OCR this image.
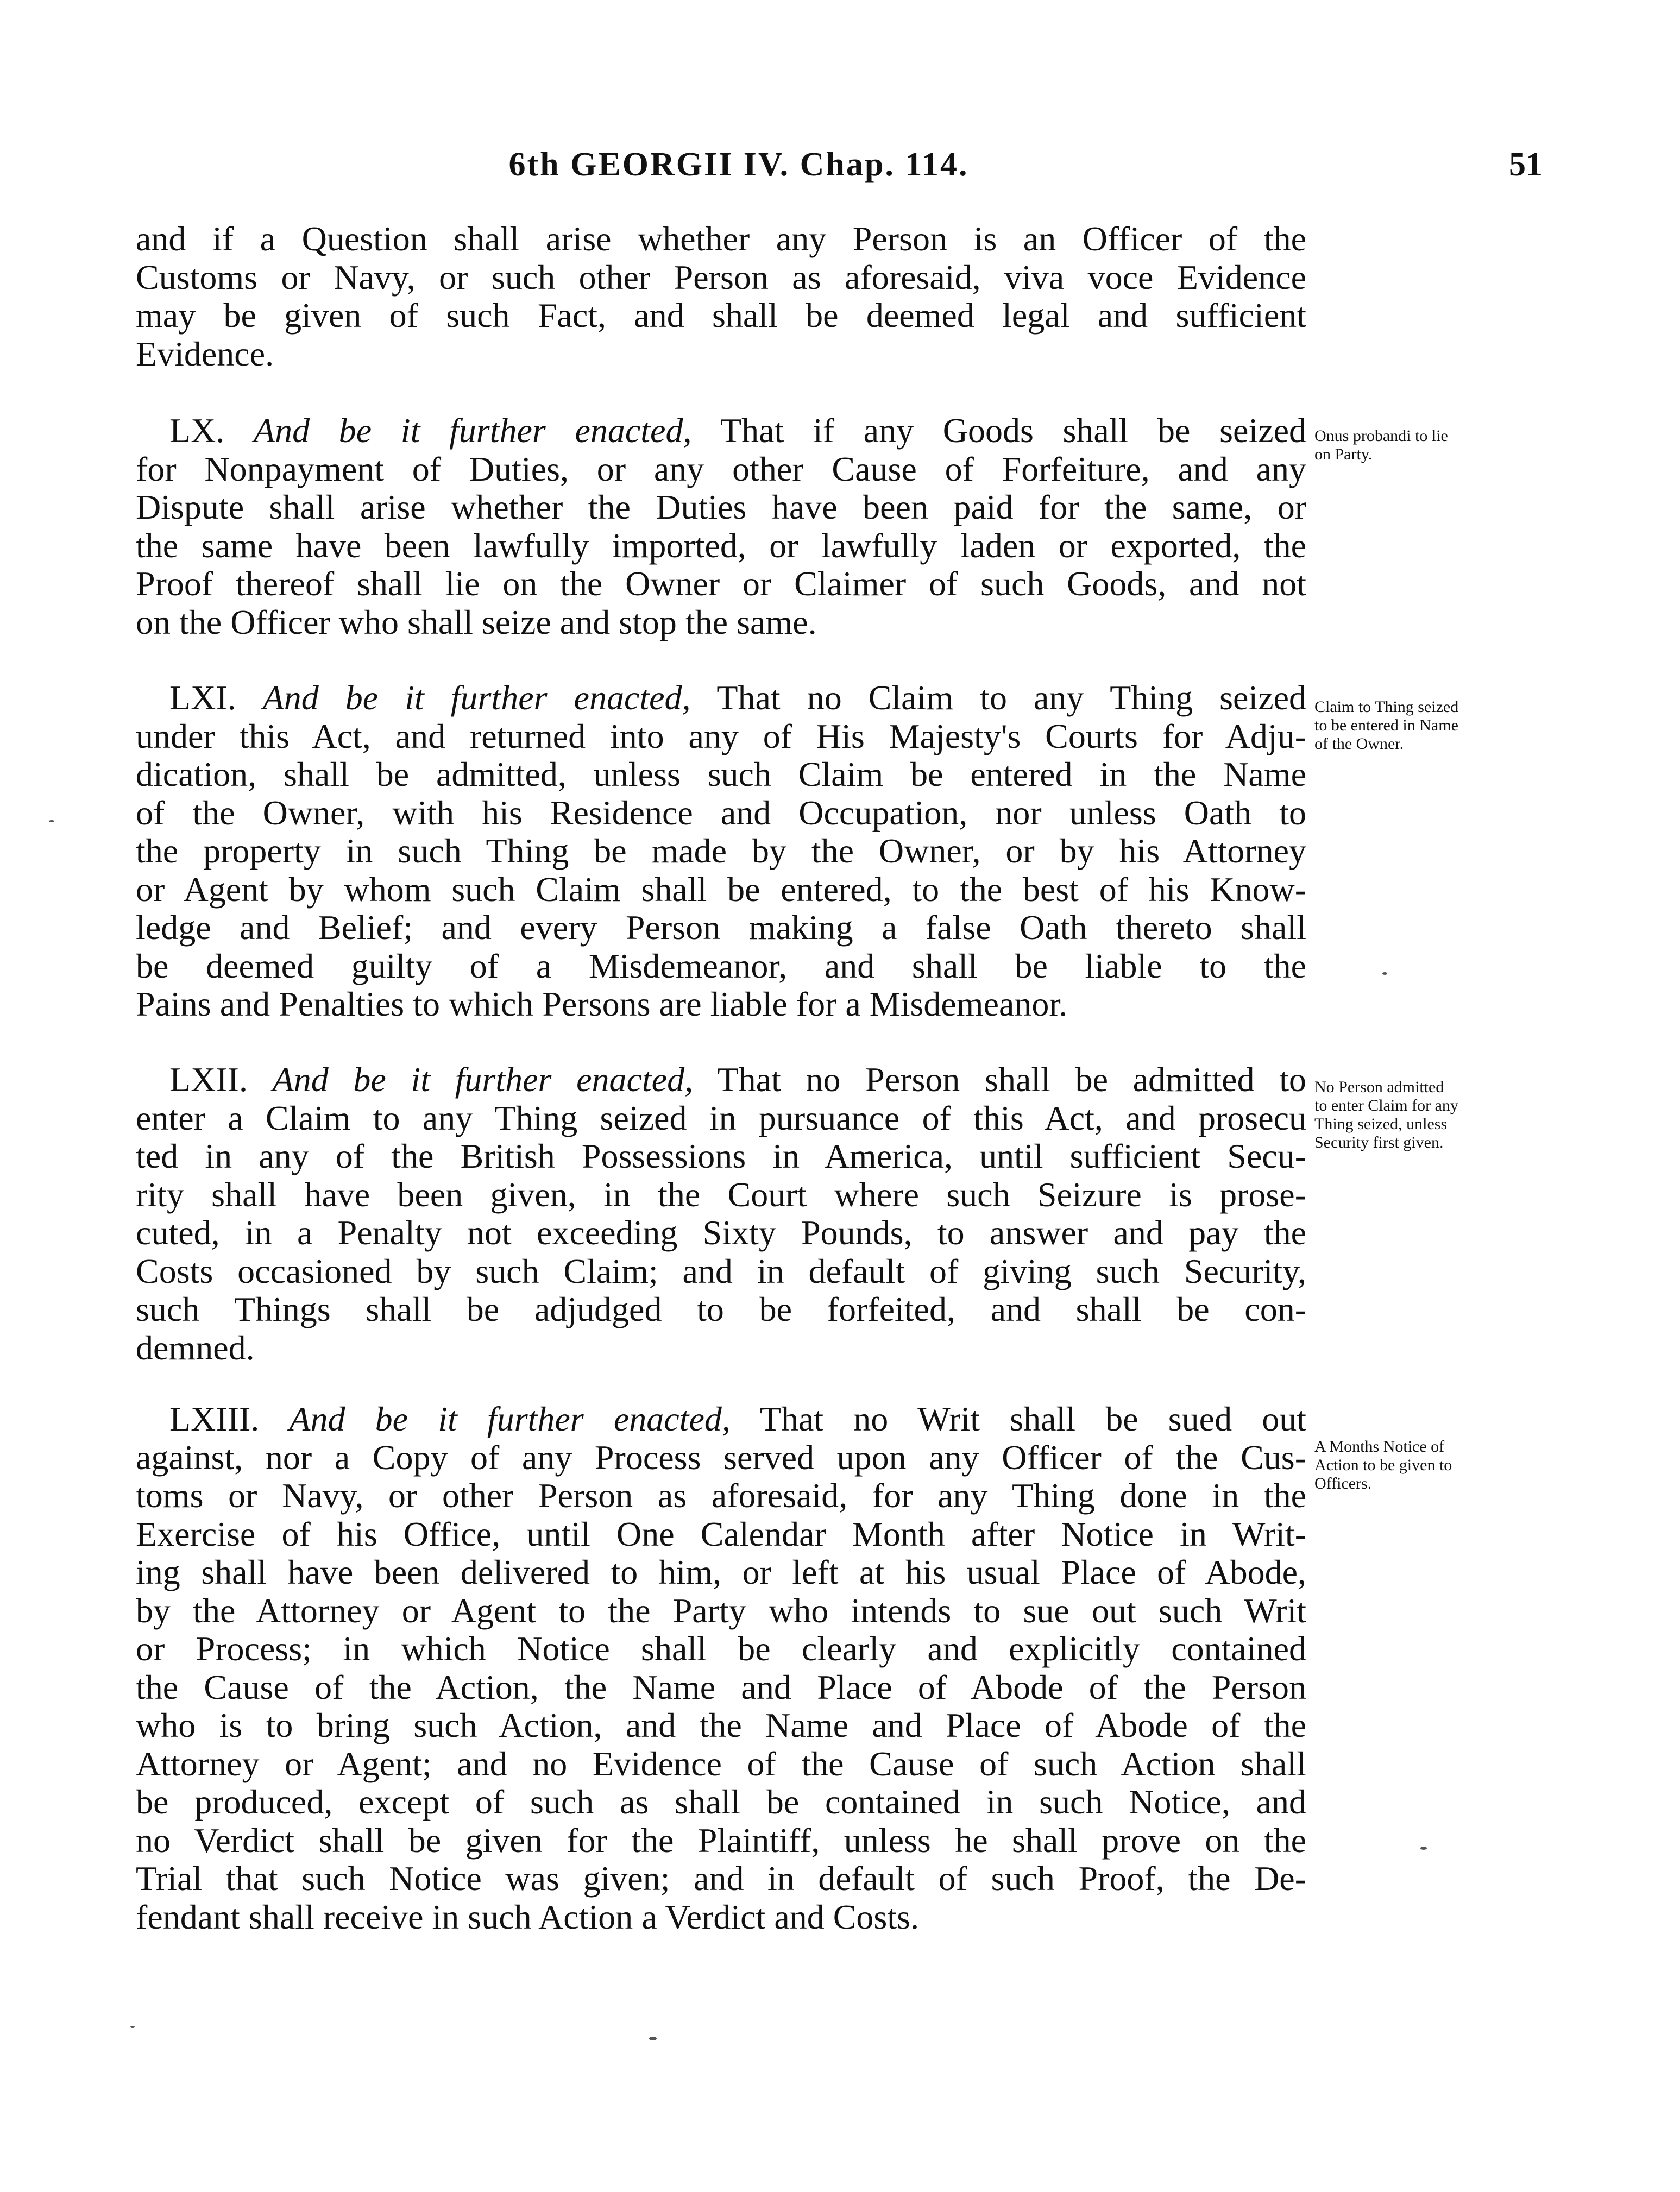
6th GEORGII IV. Chap. 114.	51
and if a Question shall arise whether any Person is an Officer of the
Customs or Navy, or such other Person as aforesaid, viva voce Evidence
may be given of such Fact, and shall be deemed legal and sufficient
Evidence.
LX. And be it further enacted, That if any Goods shall be seized
for Nonpayment of Duties, or any other Cause of Forfeiture, and any
Dispute shall arise whether the Duties have been paid for the same, or
the same have been lawfully imported, or lawfully laden or exported, the
Proof thereof shall lie on the Owner or Claimer of such Goods, and not
on the Officer who shall seize and stop the same.
Onus probandi to lie
on Party.
LXI. And be it further enacted, That no Claim to any Thing seized
under this Act, and returned into any of His Majesty's Courts for Adju-
dication, shall be admitted, unless such Claim be entered in the Name
of the Owner, with his Residence and Occupation, nor unless Oath to
the property in such Thing be made by the Owner, or by his Attorney
or Agent by whom such Claim shall be entered, to the best of his Know-
ledge and Belief; and every Person making a false Oath thereto shall
be deemed guilty of a Misdemeanor, and shall be liable to the
Pains and Penalties to which Persons are liable for a Misdemeanor.
Claim to Thing seized
to be entered in Name
of the Owner.
LXII. And be it further enacted, That no Person shall be admitted to
enter a Claim to any Thing seized in pursuance of this Act, and prosecu
ted in any of the British Possessions in America, until sufficient Secu-
rity shall have been given, in the Court where such Seizure is prose-
cuted, in a Penalty not exceeding Sixty Pounds, to answer and pay the
Costs occasioned by such Claim; and in default of giving such Security,
such Things shall be adjudged to be forfeited, and shall be con-
demned.
No Person admitted
to enter Claim for any
Thing seized, unless
Security first given.
LXIII. And be it further enacted, That no Writ shall be sued out
against, nor a Copy of any Process served upon any Officer of the Cus-
toms or Navy, or other Person as aforesaid, for any Thing done in the
Exercise of his Office, until One Calendar Month after Notice in Writ-
ing shall have been delivered to him, or left at his usual Place of Abode,
by the Attorney or Agent to the Party who intends to sue out such Writ
or Process; in which Notice shall be clearly and explicitly contained
the Cause of the Action, the Name and Place of Abode of the Person
who is to bring such Action, and the Name and Place of Abode of the
Attorney or Agent; and no Evidence of the Cause of such Action shall
be produced, except of such as shall be contained in such Notice, and
no Verdict shall be given for the Plaintiff, unless he shall prove on the
Trial that such Notice was given; and in default of such Proof, the De-
fendant shall receive in such Action a Verdict and Costs.
A Months Notice of
Action to be given to
Officers.
